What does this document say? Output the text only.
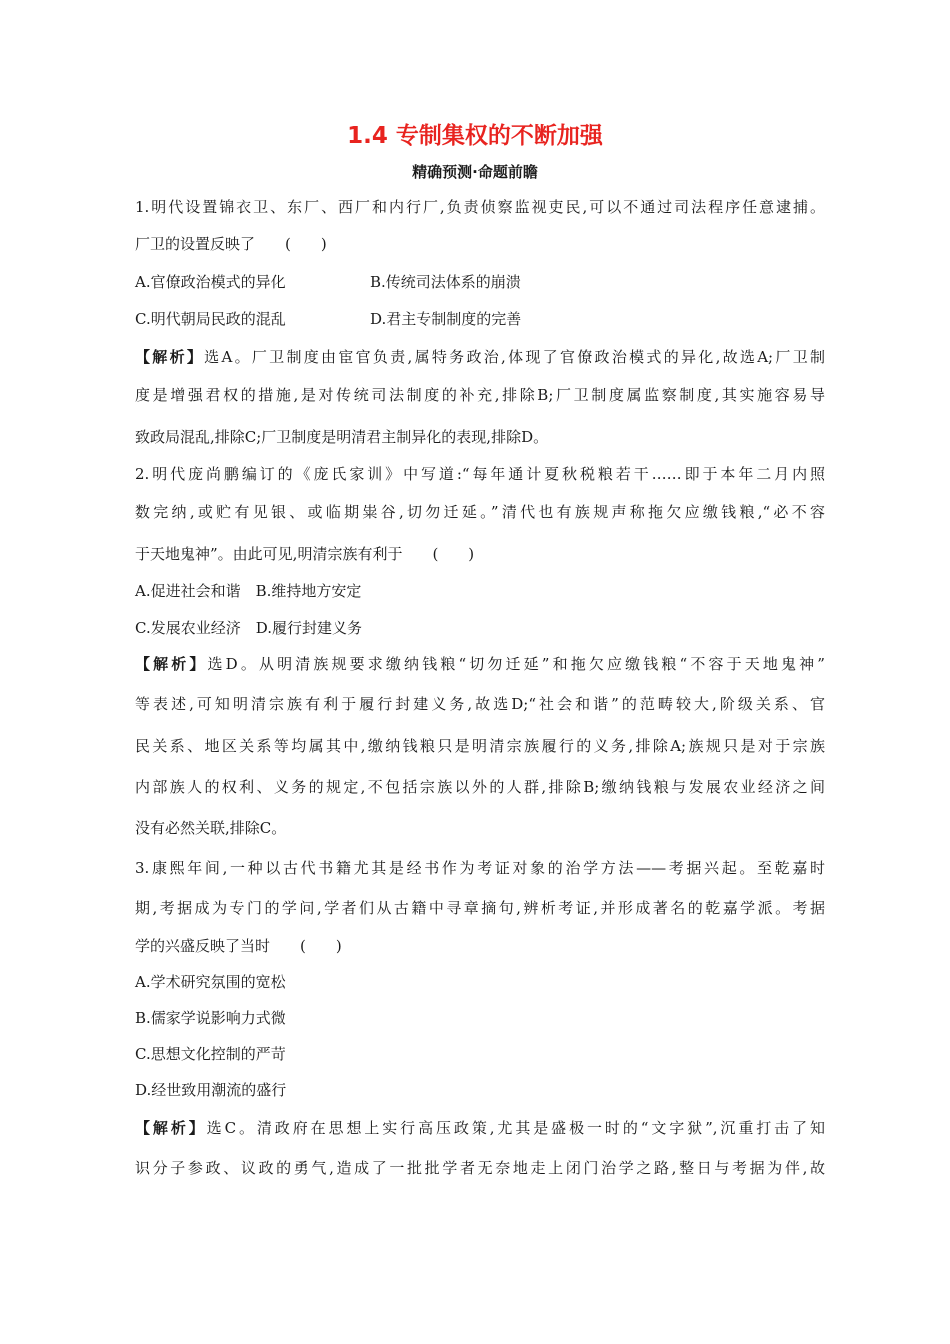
1.4 专制集权的不断加强
精确预测·命题前瞻
1.明代设置锦衣卫、东厂、西厂和内行厂,负责侦察监视吏民,可以不通过司法程序任意逮捕。
厂卫的设置反映了　　(　　)
A.官僚政治模式的异化	B.传统司法体系的崩溃
C.明代朝局民政的混乱	D.君主专制制度的完善
【解析】选A。厂卫制度由宦官负责,属特务政治,体现了官僚政治模式的异化,故选A;厂卫制
度是增强君权的措施,是对传统司法制度的补充,排除B;厂卫制度属监察制度,其实施容易导
致政局混乱,排除C;厂卫制度是明清君主制异化的表现,排除D。
2.明代庞尚鹏编订的《庞氏家训》中写道:“每年通计夏秋税粮若干……即于本年二月内照
数完纳,或贮有见银、或临期粜谷,切勿迁延。”清代也有族规声称拖欠应缴钱粮,“必不容
于天地鬼神”。由此可见,明清宗族有利于　　(　　)
A.促进社会和谐　B.维持地方安定
C.发展农业经济　D.履行封建义务
【解析】选D。从明清族规要求缴纳钱粮“切勿迁延”和拖欠应缴钱粮“不容于天地鬼神”
等表述,可知明清宗族有利于履行封建义务,故选D;“社会和谐”的范畴较大,阶级关系、官
民关系、地区关系等均属其中,缴纳钱粮只是明清宗族履行的义务,排除A;族规只是对于宗族
内部族人的权利、义务的规定,不包括宗族以外的人群,排除B;缴纳钱粮与发展农业经济之间
没有必然关联,排除C。
3.康熙年间,一种以古代书籍尤其是经书作为考证对象的治学方法——考据兴起。至乾嘉时
期,考据成为专门的学问,学者们从古籍中寻章摘句,辨析考证,并形成著名的乾嘉学派。考据
学的兴盛反映了当时　　(　　)
A.学术研究氛围的宽松
B.儒家学说影响力式微
C.思想文化控制的严苛
D.经世致用潮流的盛行
【解析】选C。清政府在思想上实行高压政策,尤其是盛极一时的“文字狱”,沉重打击了知
识分子参政、议政的勇气,造成了一批批学者无奈地走上闭门治学之路,整日与考据为伴,故
